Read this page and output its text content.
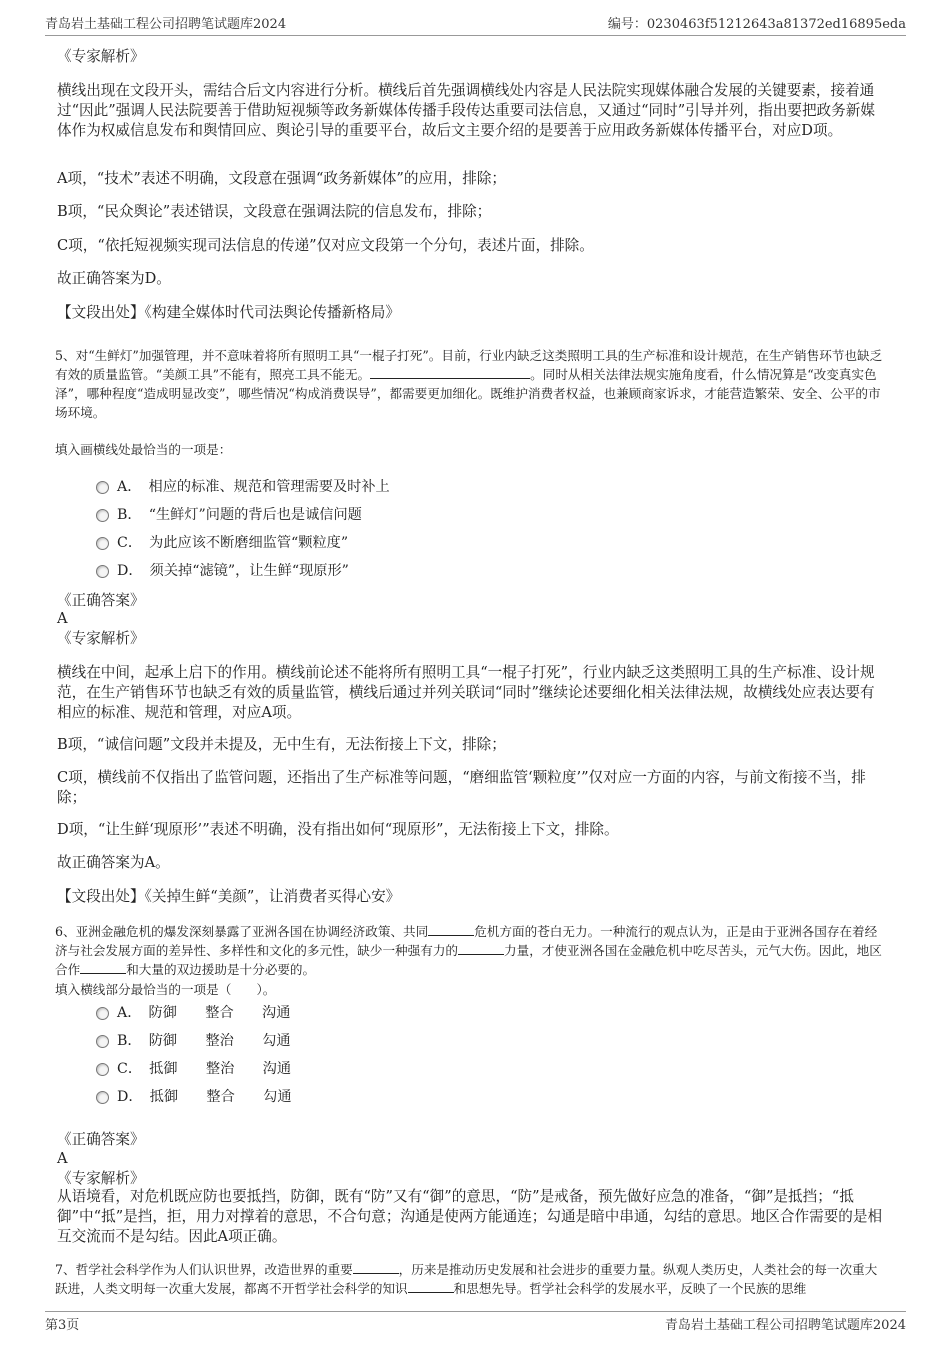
青岛岩土基础工程公司招聘笔试题库2024	编号：0230463f51212643a81372ed16895eda
《专家解析》
横线出现在文段开头，需结合后文内容进行分析。横线后首先强调横线处内容是人民法院实现媒体融合发展的关键要素，接着通过“因此”强调人民法院要善于借助短视频等政务新媒体传播手段传达重要司法信息，又通过“同时”引导并列，指出要把政务新媒体作为权威信息发布和舆情回应、舆论引导的重要平台，故后文主要介绍的是要善于应用政务新媒体传播平台，对应D项。
A项，“技术”表述不明确，文段意在强调“政务新媒体”的应用，排除；
B项，“民众舆论”表述错误，文段意在强调法院的信息发布，排除；
C项，“依托短视频实现司法信息的传递”仅对应文段第一个分句，表述片面，排除。
故正确答案为D。
【文段出处】《构建全媒体时代司法舆论传播新格局》
5、对“生鲜灯”加强管理，并不意味着将所有照明工具“一棍子打死”。目前，行业内缺乏这类照明工具的生产标准和设计规范，在生产销售环节也缺乏有效的质量监管。“美颜工具”不能有，照亮工具不能无。	。同时从相关法律法规实施角度看，什么情况算是“改变真实色泽”，哪种程度“造成明显改变”，哪些情况“构成消费误导”，都需要更加细化。既维护消费者权益，也兼顾商家诉求，才能营造繁荣、安全、公平的市场环境。
填入画横线处最恰当的一项是：
A．　相应的标准、规范和管理需要及时补上
B．　“生鲜灯”问题的背后也是诚信问题
C．　为此应该不断磨细监管“颗粒度”
D．　须关掉“滤镜”，让生鲜“现原形”
《正确答案》
A
《专家解析》
横线在中间，起承上启下的作用。横线前论述不能将所有照明工具“一棍子打死”，行业内缺乏这类照明工具的生产标准、设计规范，在生产销售环节也缺乏有效的质量监管，横线后通过并列关联词“同时”继续论述要细化相关法律法规，故横线处应表达要有相应的标准、规范和管理，对应A项。
B项，“诚信问题”文段并未提及，无中生有，无法衔接上下文，排除；
C项，横线前不仅指出了监管问题，还指出了生产标准等问题，“磨细监管‘颗粒度’”仅对应一方面的内容，与前文衔接不当，排除；
D项，“让生鲜‘现原形’”表述不明确，没有指出如何“现原形”，无法衔接上下文，排除。
故正确答案为A。
【文段出处】《关掉生鲜“美颜”，让消费者买得心安》
6、亚洲金融危机的爆发深刻暴露了亚洲各国在协调经济政策、共同	危机方面的苍白无力。一种流行的观点认为，正是由于亚洲各国存在着经济与社会发展方面的差异性、多样性和文化的多元性，缺少一种强有力的	力量，才使亚洲各国在金融危机中吃尽苦头，元气大伤。因此，地区合作	和大量的双边援助是十分必要的。
填入横线部分最恰当的一项是（　　）。
A．　防御　　整合　　沟通
B．　防御　　整治　　勾通
C．　抵御　　整治　　沟通
D．　抵御　　整合　　勾通
《正确答案》
A
《专家解析》
从语境看，对危机既应防也要抵挡，防御，既有“防”又有“御”的意思，“防”是戒备，预先做好应急的准备，“御”是抵挡；“抵御”中“抵”是挡，拒，用力对撑着的意思，不合句意；沟通是使两方能通连；勾通是暗中串通，勾结的意思。地区合作需要的是相互交流而不是勾结。因此A项正确。
7、哲学社会科学作为人们认识世界，改造世界的重要	，历来是推动历史发展和社会进步的重要力量。纵观人类历史，人类社会的每一次重大跃进，人类文明每一次重大发展，都离不开哲学社会科学的知识	和思想先导。哲学社会科学的发展水平，反映了一个民族的思维
第3页	青岛岩土基础工程公司招聘笔试题库2024
